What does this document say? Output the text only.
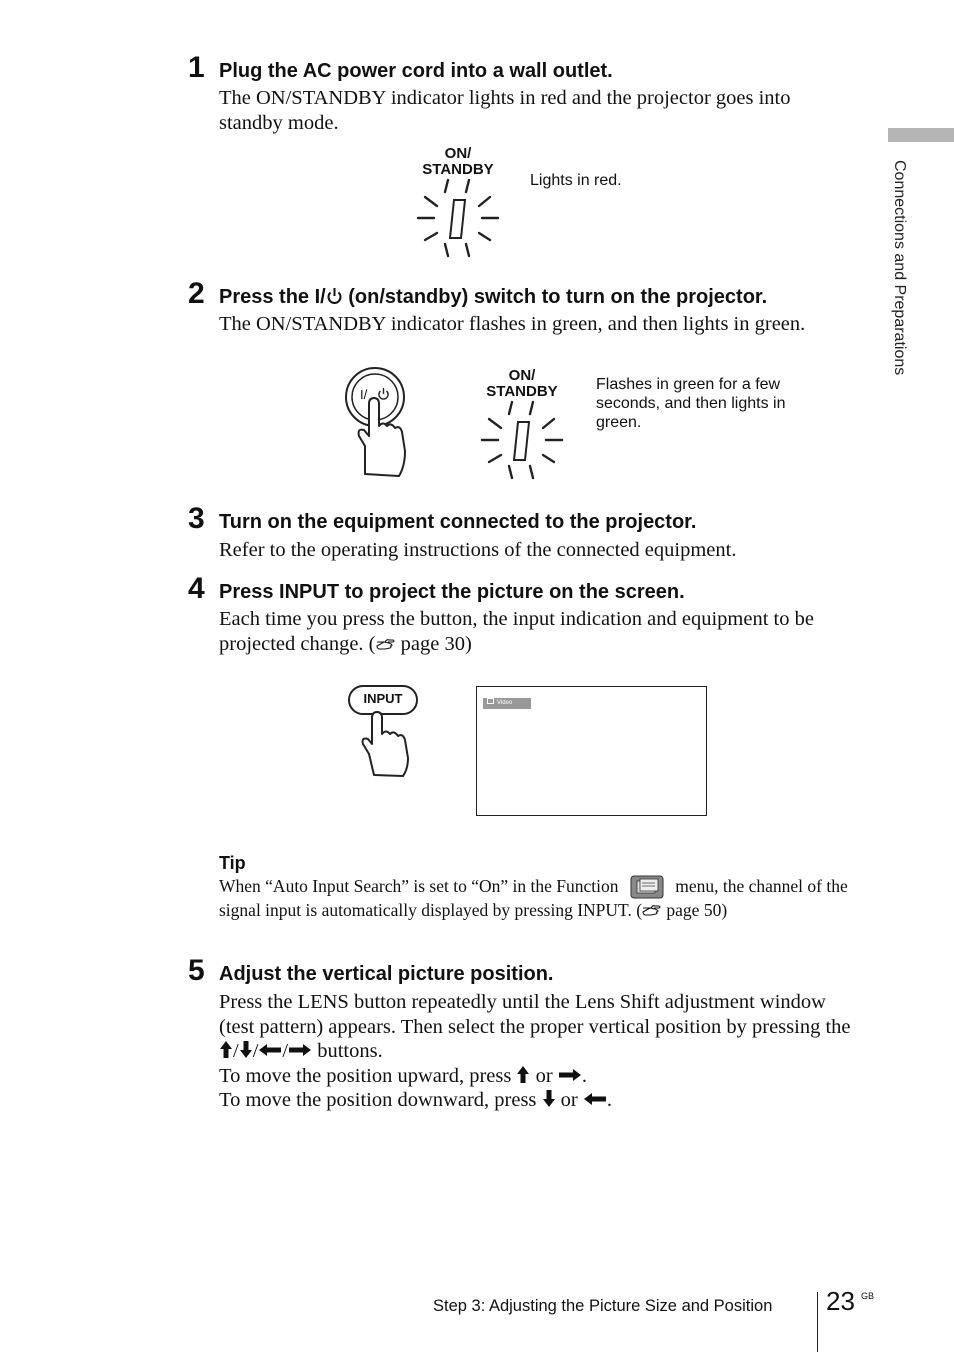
Connections and Preparations
1 Plug the AC power cord into a wall outlet.
The ON/STANDBY indicator lights in red and the projector goes into standby mode.
ON/
STANDBY
Lights in red.
2 Press the I/ (on/standby) switch to turn on the projector.
The ON/STANDBY indicator flashes in green, and then lights in green.
I/
ON/
STANDBY	Flashes in green for a few seconds, and then lights in green.
3 Turn on the equipment connected to the projector.
Refer to the operating instructions of the connected equipment.
4 Press INPUT to project the picture on the screen.
Each time you press the button, the input indication and equipment to be projected change. ( page 30)
INPUT	Video
Tip
When “Auto Input Search” is set to “On” in the Function	menu, the channel of the signal input is automatically displayed by pressing INPUT. ( page 50)
5 Adjust the vertical picture position.
Press the LENS button repeatedly until the Lens Shift adjustment window (test pattern) appears. Then select the proper vertical position by pressing the / / / buttons.
To move the position upward, press  or .
To move the position downward, press  or .
Step 3: Adjusting the Picture Size and Position 23 GB
